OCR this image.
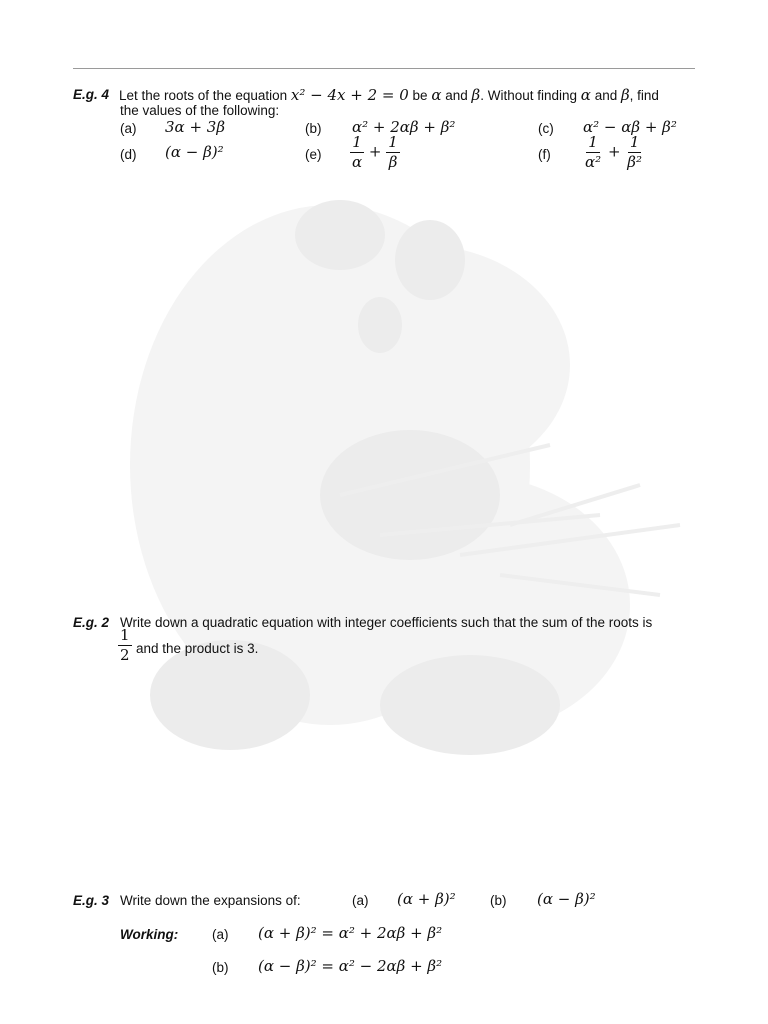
E.g. 4 Let the roots of the equation x² − 4x + 2 = 0 be α and β. Without finding α and β, find
the values of the following:
(a) 3α + 3β	(b) α² + 2αβ + β²	(c) α² − αβ + β²
(d) (α − β)²	$(e) \frac{1}{\alpha} + \frac{1}{\beta}$	$(f) \frac{1}{\text{α²}} + \frac{1}{\text{β²}}$
E.g. 2 Write down a quadratic equation with integer coefficients such that the sum of the roots is
$\frac{1}{2}$ and the product is 3.
E.g. 3 Write down the expansions of:	(a) (α + β)²	(b) (α − β)²
Working:	(a) (α + β)² = α² + 2αβ + β²
(b) (α − β)² = α² − 2αβ + β²
